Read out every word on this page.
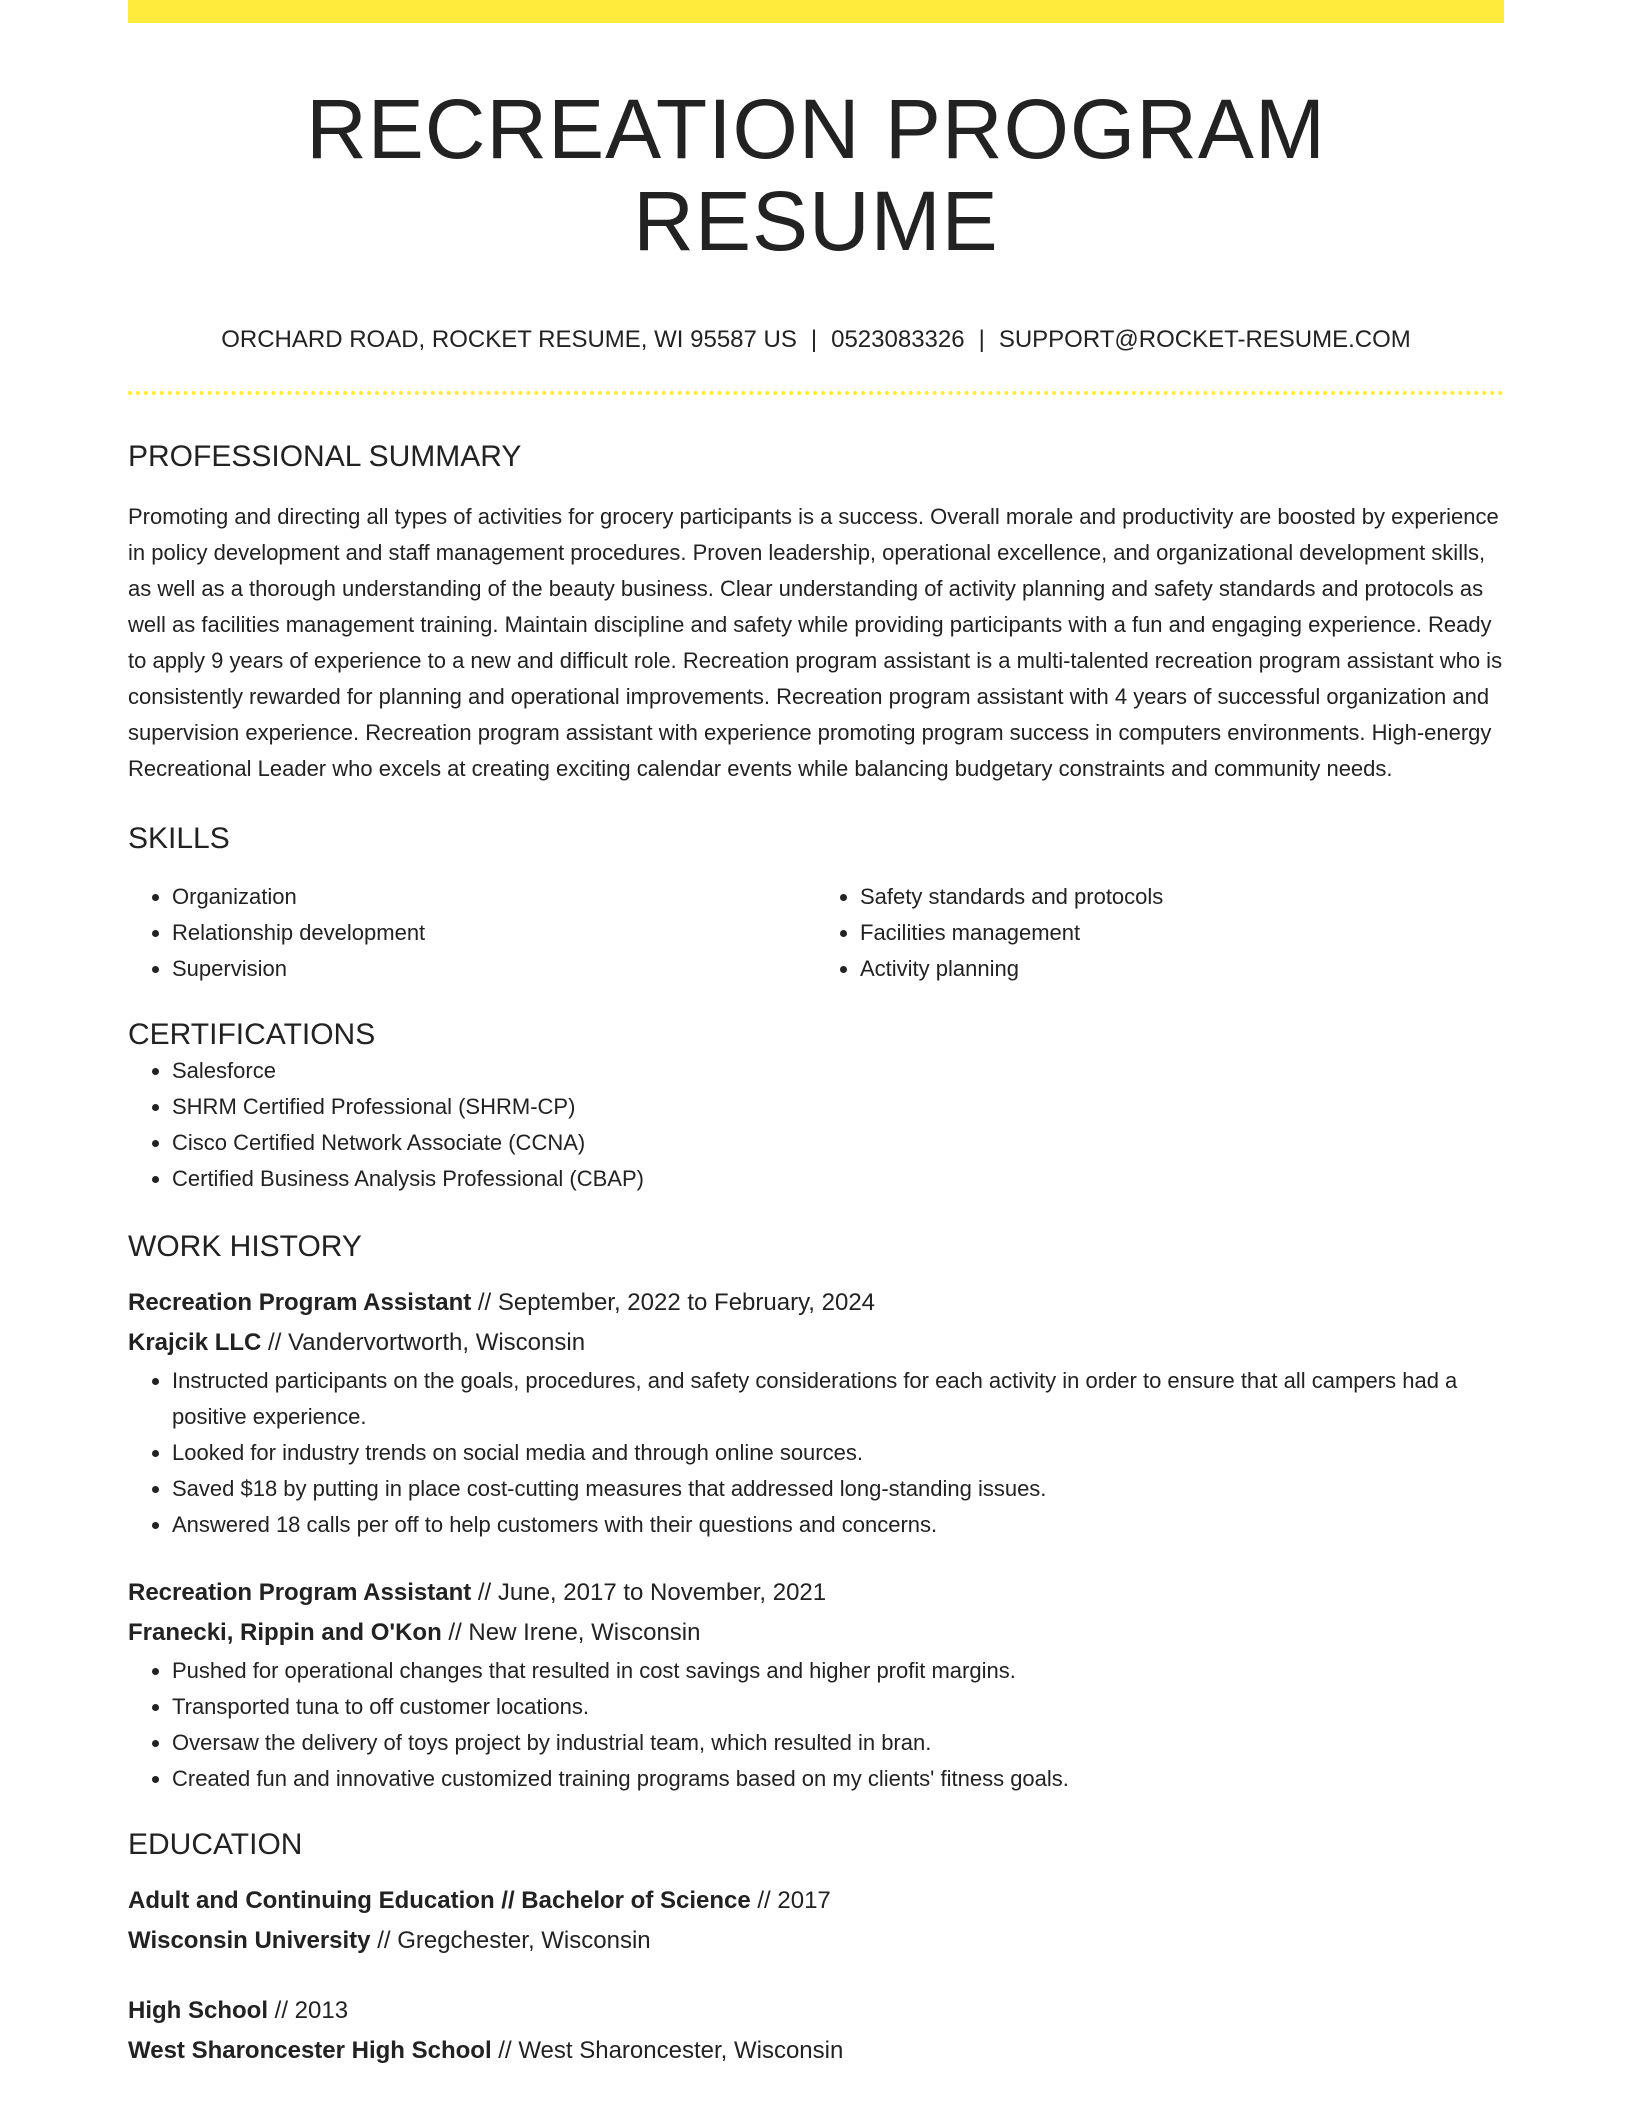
RECREATION PROGRAM RESUME
ORCHARD ROAD, ROCKET RESUME, WI 95587 US | 0523083326 | SUPPORT@ROCKET-RESUME.COM
PROFESSIONAL SUMMARY

Promoting and directing all types of activities for grocery participants is a success. Overall morale and productivity are boosted by experience in policy development and staff management procedures. Proven leadership, operational excellence, and organizational development skills, as well as a thorough understanding of the beauty business. Clear understanding of activity planning and safety standards and protocols as well as facilities management training. Maintain discipline and safety while providing participants with a fun and engaging experience. Ready to apply 9 years of experience to a new and difficult role. Recreation program assistant is a multi-talented recreation program assistant who is consistently rewarded for planning and operational improvements. Recreation program assistant with 4 years of successful organization and supervision experience. Recreation program assistant with experience promoting program success in computers environments. High-energy Recreational Leader who excels at creating exciting calendar events while balancing budgetary constraints and community needs.

SKILLS
• Organization
• Relationship development
• Supervision
• Safety standards and protocols
• Facilities management
• Activity planning
CERTIFICATIONS
• Salesforce
• SHRM Certified Professional (SHRM-CP)
• Cisco Certified Network Associate (CCNA)
• Certified Business Analysis Professional (CBAP)
WORK HISTORY
Recreation Program Assistant // September, 2022 to February, 2024
Krajcik LLC // Vandervortworth, Wisconsin
• Instructed participants on the goals, procedures, and safety considerations for each activity in order to ensure that all campers had a positive experience.
• Looked for industry trends on social media and through online sources.
• Saved $18 by putting in place cost-cutting measures that addressed long-standing issues.
• Answered 18 calls per off to help customers with their questions and concerns.
Recreation Program Assistant // June, 2017 to November, 2021
Franecki, Rippin and O'Kon // New Irene, Wisconsin
• Pushed for operational changes that resulted in cost savings and higher profit margins.
• Transported tuna to off customer locations.
• Oversaw the delivery of toys project by industrial team, which resulted in bran.
• Created fun and innovative customized training programs based on my clients' fitness goals.
EDUCATION
Adult and Continuing Education // Bachelor of Science // 2017
Wisconsin University // Gregchester, Wisconsin
High School // 2013
West Sharoncester High School // West Sharoncester, Wisconsin
